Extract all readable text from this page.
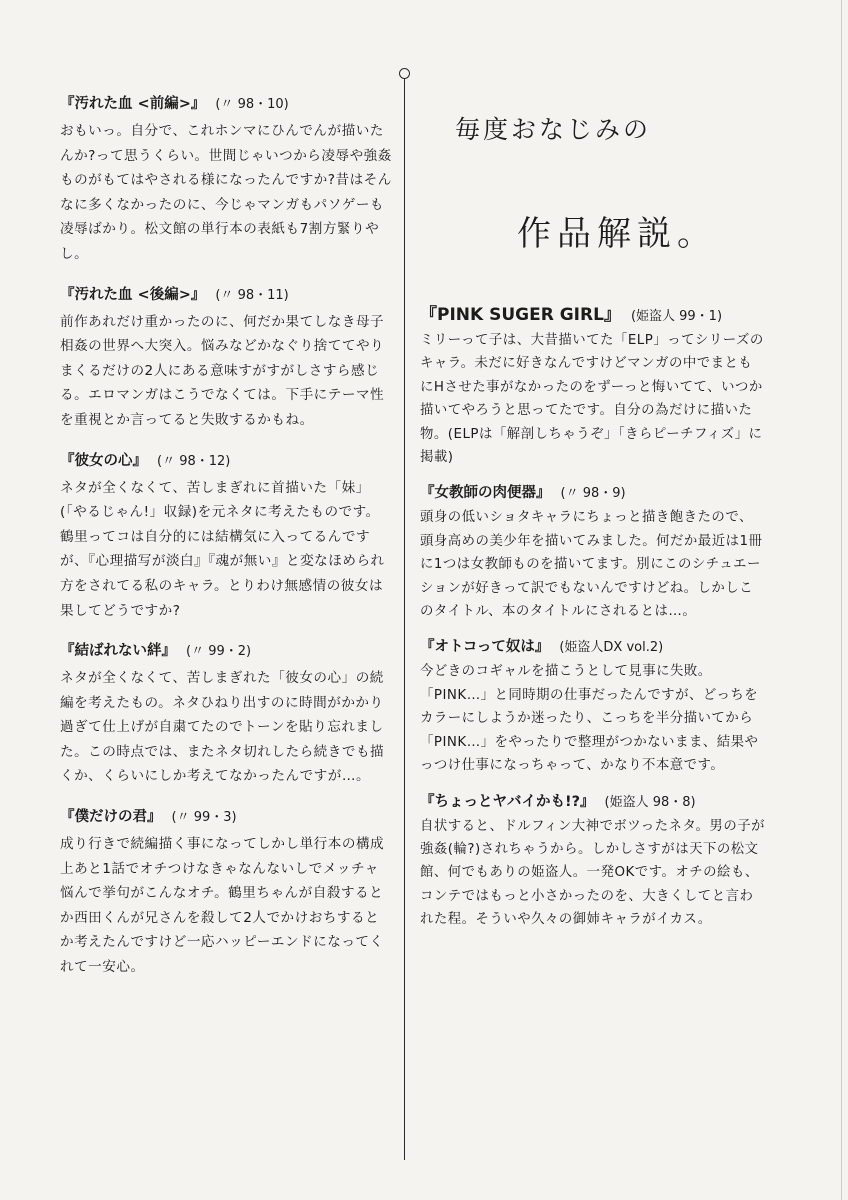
『汚れた血 <前編>』 (〃 98・10)

おもいっ。自分で、これホンマにひんでんが描いたんか?って思うくらい。世間じゃいつから凌辱や強姦ものがもてはやされる様になったんですか?昔はそんなに多くなかったのに、今じゃマンガもパソゲーも凌辱ばかり。松文館の単行本の表紙も7割方緊りやし。

『汚れた血 <後編>』 (〃 98・11)

前作あれだけ重かったのに、何だか果てしなき母子相姦の世界へ大突入。悩みなどかなぐり捨ててやりまくるだけの2人にある意味すがすがしさすら感じる。エロマンガはこうでなくては。下手にテーマ性を重視とか言ってると失敗するかもね。

『彼女の心』 (〃 98・12)

ネタが全くなくて、苦しまぎれに首描いた「妹」(「やるじゃん!」収録)を元ネタに考えたものです。鶴里ってコは自分的には結構気に入ってるんですが、『心理描写が淡白』『魂が無い』と変なほめられ方をされてる私のキャラ。とりわけ無感情の彼女は果してどうですか?

『結ばれない絆』 (〃 99・2)

ネタが全くなくて、苦しまぎれた「彼女の心」の続編を考えたもの。ネタひねり出すのに時間がかかり過ぎて仕上げが自粛てたのでトーンを貼り忘れました。この時点では、またネタ切れしたら続きでも描くか、くらいにしか考えてなかったんですが…。

『僕だけの君』 (〃 99・3)

成り行きで続編描く事になってしかし単行本の構成上あと1話でオチつけなきゃなんないしでメッチャ悩んで挙句がこんなオチ。鶴里ちゃんが自殺するとか西田くんが兄さんを殺して2人でかけおちするとか考えたんですけど一応ハッピーエンドになってくれて一安心。

毎度おなじみの

作品解説。

『PINK SUGER GIRL』 (姫盗人 99・1)

ミリーって子は、大昔描いてた「ELP」ってシリーズのキャラ。未だに好きなんですけどマンガの中でまともにHさせた事がなかったのをずーっと悔いてて、いつか描いてやろうと思ってたです。自分の為だけに描いた物。(ELPは「解剖しちゃうぞ」「きらピーチフィズ」に掲載)

『女教師の肉便器』 (〃 98・9)

頭身の低いショタキャラにちょっと描き飽きたので、頭身高めの美少年を描いてみました。何だか最近は1冊に1つは女教師ものを描いてます。別にこのシチュエーションが好きって訳でもないんですけどね。しかしこのタイトル、本のタイトルにされるとは…。

『オトコって奴は』 (姫盗人DX vol.2)

今どきのコギャルを描こうとして見事に失敗。「PINK…」と同時期の仕事だったんですが、どっちをカラーにしようか迷ったり、こっちを半分描いてから「PINK…」をやったりで整理がつかないまま、結果やっつけ仕事になっちゃって、かなり不本意です。

『ちょっとヤバイかも!?』 (姫盗人 98・8)

自状すると、ドルフィン大神でボツったネタ。男の子が強姦(輪?)されちゃうから。しかしさすがは天下の松文館、何でもありの姫盗人。一発OKです。オチの絵も、コンテではもっと小さかったのを、大きくしてと言われた程。そういや久々の御姉キャラがイカス。
